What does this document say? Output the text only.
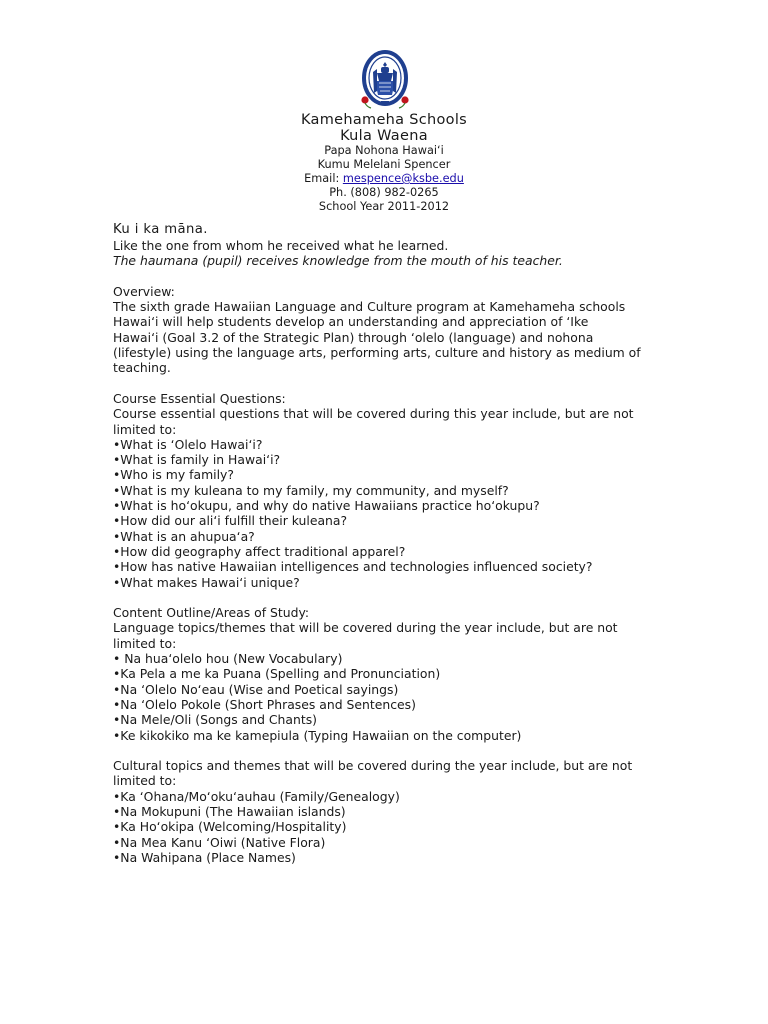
Kamehameha Schools
Kula Waena
Papa Nohona Hawai‘i
Kumu Melelani Spencer
Email: mespence@ksbe.edu
Ph. (808) 982-0265
School Year 2011-2012
Ku i ka māna.
Like the one from whom he received what he learned.
The haumana (pupil) receives knowledge from the mouth of his teacher.
Overview:
The sixth grade Hawaiian Language and Culture program at Kamehameha schools
Hawai‘i will help students develop an understanding and appreciation of ‘Ike
Hawai‘i (Goal 3.2 of the Strategic Plan) through ‘olelo (language) and nohona
(lifestyle) using the language arts, performing arts, culture and history as medium of
teaching.
Course Essential Questions:
Course essential questions that will be covered during this year include, but are not
limited to:
•What is ‘Olelo Hawai‘i?
•What is family in Hawai‘i?
•Who is my family?
•What is my kuleana to my family, my community, and myself?
•What is ho‘okupu, and why do native Hawaiians practice ho‘okupu?
•How did our ali‘i fulfill their kuleana?
•What is an ahupua‘a?
•How did geography affect traditional apparel?
•How has native Hawaiian intelligences and technologies influenced society?
•What makes Hawai‘i unique?
Content Outline/Areas of Study:
Language topics/themes that will be covered during the year include, but are not
limited to:
• Na hua‘olelo hou (New Vocabulary)
•Ka Pela a me ka Puana (Spelling and Pronunciation)
•Na ‘Olelo No‘eau (Wise and Poetical sayings)
•Na ‘Olelo Pokole (Short Phrases and Sentences)
•Na Mele/Oli (Songs and Chants)
•Ke kikokiko ma ke kamepiula (Typing Hawaiian on the computer)
Cultural topics and themes that will be covered during the year include, but are not
limited to:
•Ka ‘Ohana/Mo‘oku‘auhau (Family/Genealogy)
•Na Mokupuni (The Hawaiian islands)
•Ka Ho‘okipa (Welcoming/Hospitality)
•Na Mea Kanu ‘Oiwi (Native Flora)
•Na Wahipana (Place Names)
